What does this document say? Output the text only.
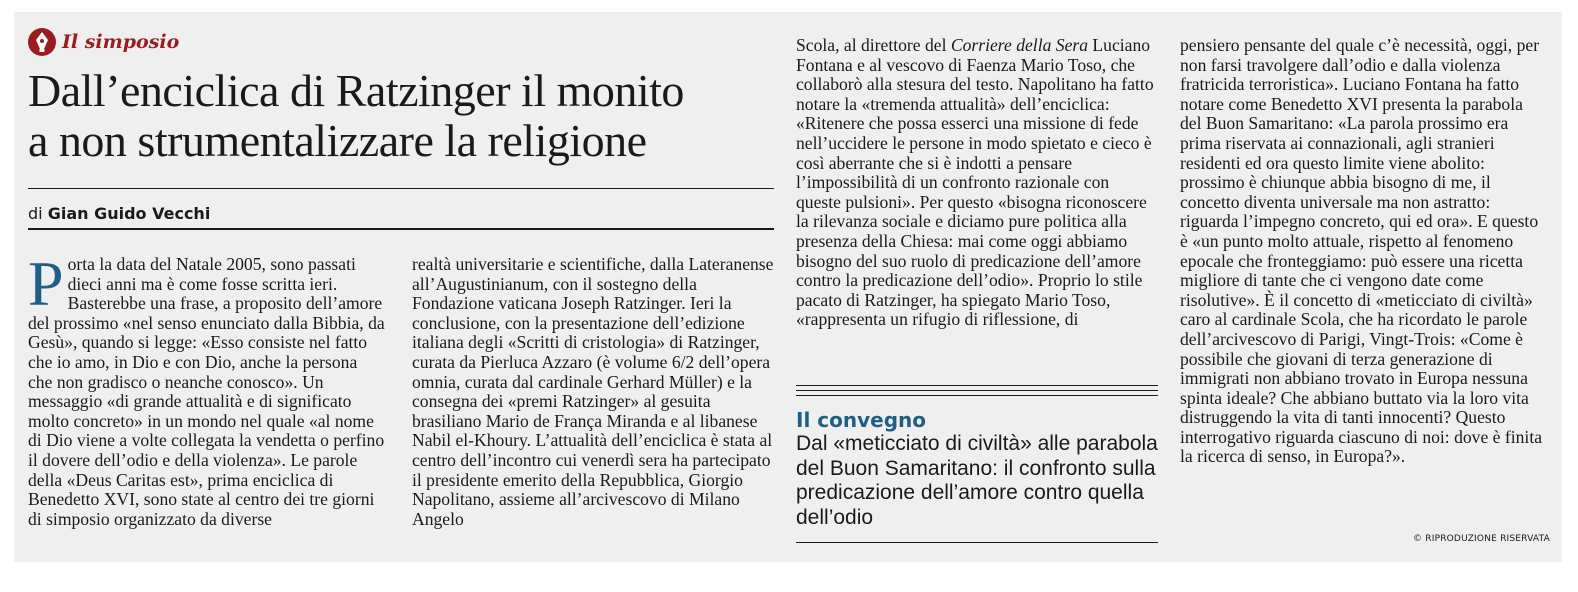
Il simposio
Dall’enciclica di Ratzinger il monito
a non strumentalizzare la religione
di Gian Guido Vecchi
P orta la data del Natale 2005, sono passati dieci anni ma è come fosse scritta ieri. Basterebbe una frase, a proposito dell’amore del prossimo «nel senso enunciato dalla Bibbia, da Gesù», quando si legge: «Esso consiste nel fatto che io amo, in Dio e con Dio, anche la persona che non gradisco o neanche conosco». Un messaggio «di grande attualità e di significato molto concreto» in un mondo nel quale «al nome di Dio viene a volte collegata la vendetta o perfino il dovere dell’odio e della violenza». Le parole della «Deus Caritas est», prima enciclica di Benedetto XVI, sono state al centro dei tre giorni di simposio organizzato da diverse
realtà universitarie e scientifiche, dalla Lateranense all’Augustinianum, con il sostegno della Fondazione vaticana Joseph Ratzinger. Ieri la conclusione, con la presentazione dell’edizione italiana degli «Scritti di cristologia» di Ratzinger, curata da Pierluca Azzaro (è volume 6/2 dell’opera omnia, curata dal cardinale Gerhard Müller) e la consegna dei «premi Ratzinger» al gesuita brasiliano Mario de França Miranda e al libanese Nabil el-Khoury. L’attualità dell’enciclica è stata al centro dell’incontro cui venerdì sera ha partecipato il presidente emerito della Repubblica, Giorgio Napolitano, assieme all’arcivescovo di Milano Angelo
Scola, al direttore del Corriere della Sera Luciano Fontana e al vescovo di Faenza Mario Toso, che collaborò alla stesura del testo. Napolitano ha fatto notare la «tremenda attualità» dell’enciclica: «Ritenere che possa esserci una missione di fede nell’uccidere le persone in modo spietato e cieco è così aberrante che si è indotti a pensare l’impossibilità di un confronto razionale con queste pulsioni». Per questo «bisogna riconoscere la rilevanza sociale e diciamo pure politica alla presenza della Chiesa: mai come oggi abbiamo bisogno del suo ruolo di predicazione dell’amore contro la predicazione dell’odio». Proprio lo stile pacato di Ratzinger, ha spiegato Mario Toso, «rappresenta un rifugio di riflessione, di
Il convegno
Dal «meticciato di civiltà» alle parabola del Buon Samaritano: il confronto sulla predicazione dell’amore contro quella dell’odio
pensiero pensante del quale c’è necessità, oggi, per non farsi travolgere dall’odio e dalla violenza fratricida terroristica». Luciano Fontana ha fatto notare come Benedetto XVI presenta la parabola del Buon Samaritano: «La parola prossimo era prima riservata ai connazionali, agli stranieri residenti ed ora questo limite viene abolito: prossimo è chiunque abbia bisogno di me, il concetto diventa universale ma non astratto: riguarda l’impegno concreto, qui ed ora». E questo è «un punto molto attuale, rispetto al fenomeno epocale che fronteggiamo: può essere una ricetta migliore di tante che ci vengono date come risolutive». È il concetto di «meticciato di civiltà» caro al cardinale Scola, che ha ricordato le parole dell’arcivescovo di Parigi, Vingt-Trois: «Come è possibile che giovani di terza generazione di immigrati non abbiano trovato in Europa nessuna spinta ideale? Che abbiano buttato via la loro vita distruggendo la vita di tanti innocenti? Questo interrogativo riguarda ciascuno di noi: dove è finita la ricerca di senso, in Europa?».
© RIPRODUZIONE RISERVATA
